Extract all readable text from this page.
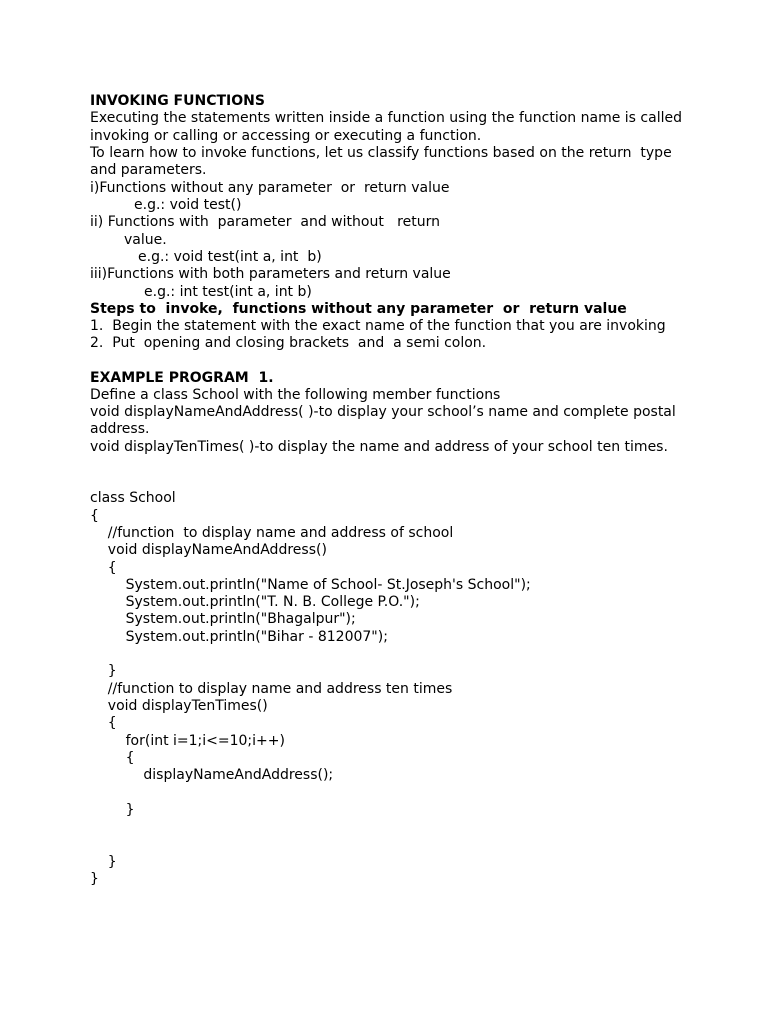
INVOKING FUNCTIONS

Executing the statements written inside a function using the function name is called

invoking or calling or accessing or executing a function.

To learn how to invoke functions, let us classify functions based on the return  type

and parameters.

i)Functions without any parameter  or  return value

e.g.: void test()

ii) Functions with  parameter  and without   return

value.

e.g.: void test(int a, int  b)

iii)Functions with both parameters and return value

e.g.: int test(int a, int b)

Steps to  invoke,  functions without any parameter  or  return value

1.  Begin the statement with the exact name of the function that you are invoking

2.  Put  opening and closing brackets  and  a semi colon.

EXAMPLE PROGRAM  1.

Define a class School with the following member functions

void displayNameAndAddress( )-to display your school’s name and complete postal

address.

void displayTenTimes( )-to display the name and address of your school ten times.

class School

{

//function  to display name and address of school

void displayNameAndAddress()

{

System.out.println("Name of School- St.Joseph's School");

System.out.println("T. N. B. College P.O.");

System.out.println("Bhagalpur");

System.out.println("Bihar - 812007");

}

//function to display name and address ten times

void displayTenTimes()

{

for(int i=1;i<=10;i++)

{

displayNameAndAddress();

}

}

}
